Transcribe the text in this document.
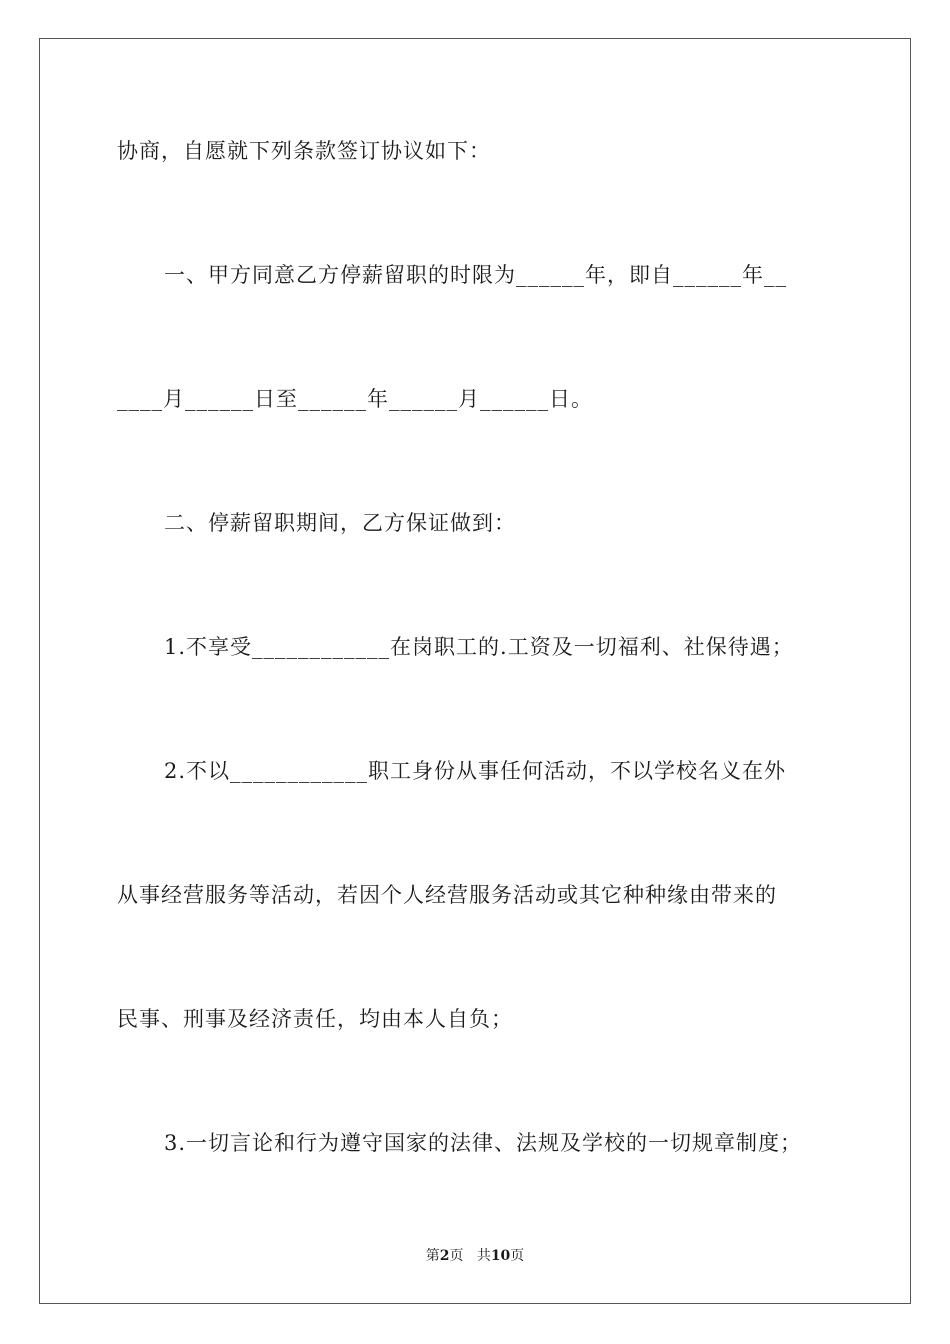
协商，自愿就下列条款签订协议如下：
一、甲方同意乙方停薪留职的时限为______年，即自______年__
____月______日至______年______月______日。
二、停薪留职期间，乙方保证做到：
1.不享受____________在岗职工的.工资及一切福利、社保待遇；
2.不以____________职工身份从事任何活动，不以学校名义在外
从事经营服务等活动，若因个人经营服务活动或其它种种缘由带来的
民事、刑事及经济责任，均由本人自负；
3.一切言论和行为遵守国家的法律、法规及学校的一切规章制度；
第2页 共10页
